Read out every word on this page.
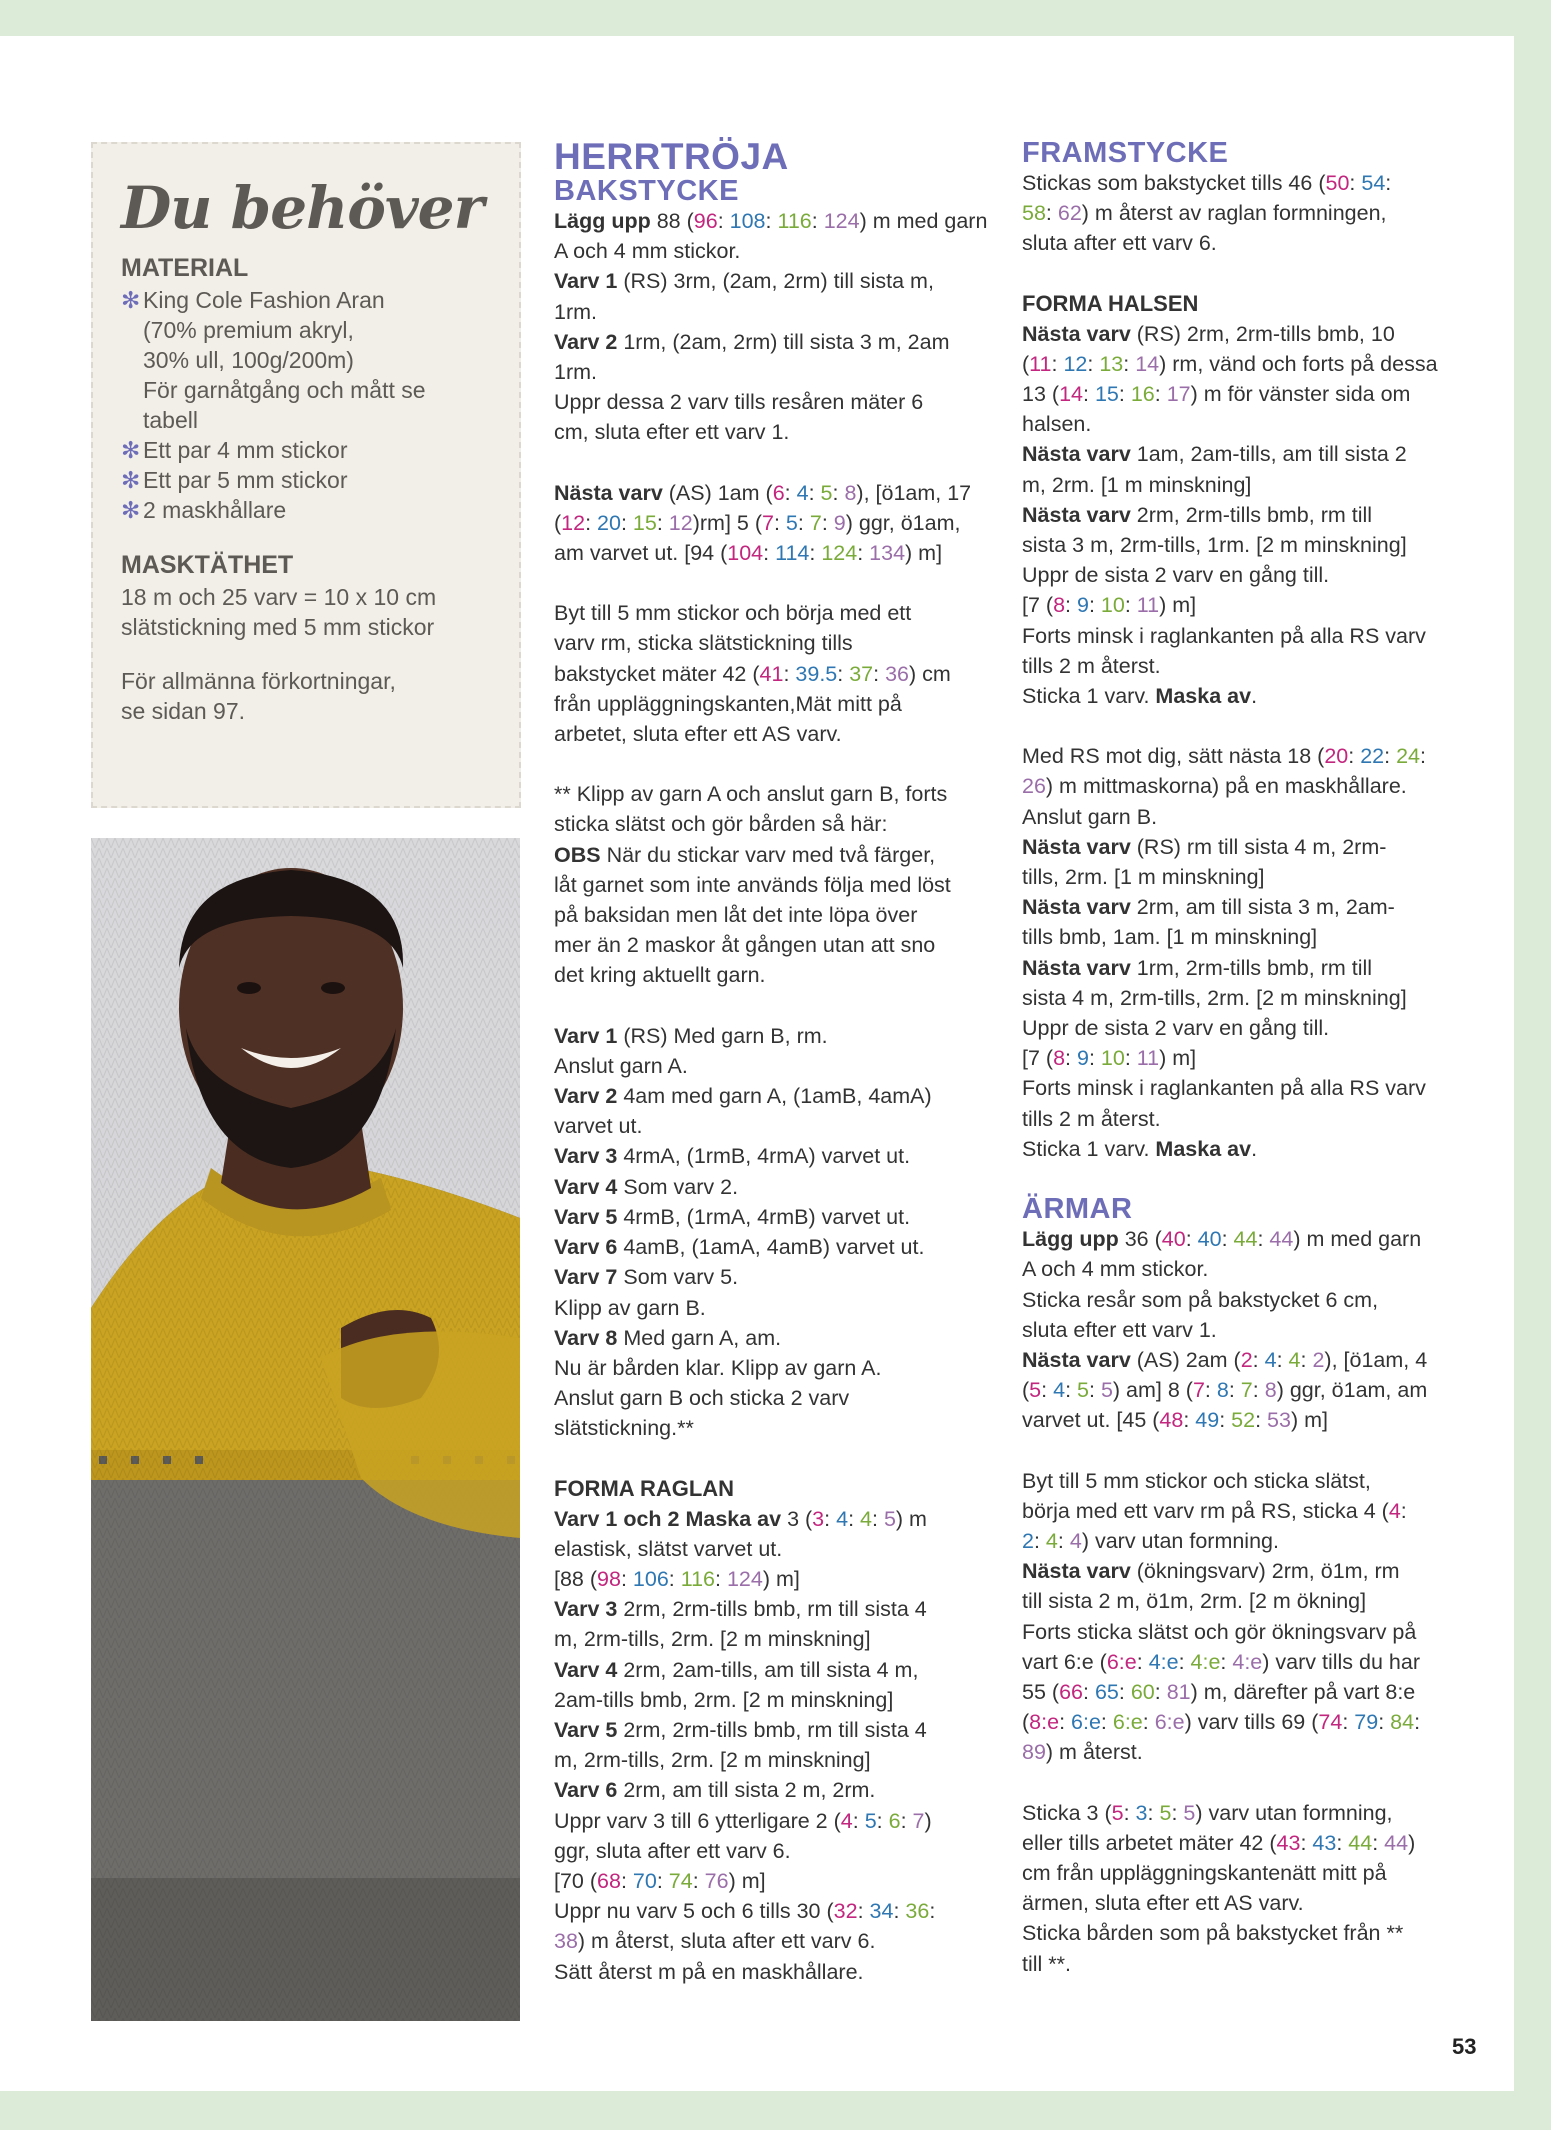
Du behöver
MATERIAL
✻ King Cole Fashion Aran
(70% premium akryl,
30% ull, 100g/200m)
För garnåtgång och mått se
tabell
✻ Ett par 4 mm stickor
✻ Ett par 5 mm stickor
✻ 2 maskhållare
MASKTÄTHET

18 m och 25 varv = 10 x 10 cm

slätstickning med 5 mm stickor

För allmänna förkortningar,

se sidan 97.

HERRTRÖJA

BAKSTYCKE

Lägg upp 88 (96: 108: 116: 124) m med garn

A och 4 mm stickor.

Varv 1 (RS) 3rm, (2am, 2rm) till sista m,

1rm.

Varv 2 1rm, (2am, 2rm) till sista 3 m, 2am

1rm.

Uppr dessa 2 varv tills resåren mäter 6

cm, sluta efter ett varv 1.

Nästa varv (AS) 1am (6: 4: 5: 8), [ö1am, 17

(12: 20: 15: 12)rm] 5 (7: 5: 7: 9) ggr, ö1am,

am varvet ut. [94 (104: 114: 124: 134) m]

Byt till 5 mm stickor och börja med ett

varv rm, sticka slätstickning tills

bakstycket mäter 42 (41: 39.5: 37: 36) cm

från uppläggningskanten,Mät mitt på

arbetet, sluta efter ett AS varv.

** Klipp av garn A och anslut garn B, forts

sticka slätst och gör bården så här:

OBS När du stickar varv med två färger,

låt garnet som inte används följa med löst

på baksidan men låt det inte löpa över

mer än 2 maskor åt gången utan att sno

det kring aktuellt garn.

Varv 1 (RS) Med garn B, rm.

Anslut garn A.

Varv 2 4am med garn A, (1amB, 4amA)

varvet ut.

Varv 3 4rmA, (1rmB, 4rmA) varvet ut.

Varv 4 Som varv 2.

Varv 5 4rmB, (1rmA, 4rmB) varvet ut.

Varv 6 4amB, (1amA, 4amB) varvet ut.

Varv 7 Som varv 5.

Klipp av garn B.

Varv 8 Med garn A, am.

Nu är bården klar. Klipp av garn A.

Anslut garn B och sticka 2 varv

slätstickning.**

FORMA RAGLAN

Varv 1 och 2 Maska av 3 (3: 4: 4: 5) m

elastisk, slätst varvet ut.

[88 (98: 106: 116: 124) m]

Varv 3 2rm, 2rm-tills bmb, rm till sista 4

m, 2rm-tills, 2rm. [2 m minskning]

Varv 4 2rm, 2am-tills, am till sista 4 m,

2am-tills bmb, 2rm. [2 m minskning]

Varv 5 2rm, 2rm-tills bmb, rm till sista 4

m, 2rm-tills, 2rm. [2 m minskning]

Varv 6 2rm, am till sista 2 m, 2rm.

Uppr varv 3 till 6 ytterligare 2 (4: 5: 6: 7)

ggr, sluta after ett varv 6.

[70 (68: 70: 74: 76) m]

Uppr nu varv 5 och 6 tills 30 (32: 34: 36:

38) m återst, sluta after ett varv 6.

Sätt återst m på en maskhållare.

FRAMSTYCKE

Stickas som bakstycket tills 46 (50: 54:

58: 62) m återst av raglan formningen,

sluta after ett varv 6.

FORMA HALSEN

Nästa varv (RS) 2rm, 2rm-tills bmb, 10

(11: 12: 13: 14) rm, vänd och forts på dessa

13 (14: 15: 16: 17) m för vänster sida om

halsen.

Nästa varv 1am, 2am-tills, am till sista 2

m, 2rm. [1 m minskning]

Nästa varv 2rm, 2rm-tills bmb, rm till

sista 3 m, 2rm-tills, 1rm. [2 m minskning]

Uppr de sista 2 varv en gång till.

[7 (8: 9: 10: 11) m]

Forts minsk i raglankanten på alla RS varv

tills 2 m återst.

Sticka 1 varv. Maska av.

Med RS mot dig, sätt nästa 18 (20: 22: 24:

26) m mittmaskorna) på en maskhållare.

Anslut garn B.

Nästa varv (RS) rm till sista 4 m, 2rm-

tills, 2rm. [1 m minskning]

Nästa varv 2rm, am till sista 3 m, 2am-

tills bmb, 1am. [1 m minskning]

Nästa varv 1rm, 2rm-tills bmb, rm till

sista 4 m, 2rm-tills, 2rm. [2 m minskning]

Uppr de sista 2 varv en gång till.

[7 (8: 9: 10: 11) m]

Forts minsk i raglankanten på alla RS varv

tills 2 m återst.

Sticka 1 varv. Maska av.

ÄRMAR

Lägg upp 36 (40: 40: 44: 44) m med garn

A och 4 mm stickor.

Sticka resår som på bakstycket 6 cm,

sluta efter ett varv 1.

Nästa varv (AS) 2am (2: 4: 4: 2), [ö1am, 4

(5: 4: 5: 5) am] 8 (7: 8: 7: 8) ggr, ö1am, am

varvet ut. [45 (48: 49: 52: 53) m]

Byt till 5 mm stickor och sticka slätst,

börja med ett varv rm på RS, sticka 4 (4:

2: 4: 4) varv utan formning.

Nästa varv (ökningsvarv) 2rm, ö1m, rm

till sista 2 m, ö1m, 2rm. [2 m ökning]

Forts sticka slätst och gör ökningsvarv på

vart 6:e (6:e: 4:e: 4:e: 4:e) varv tills du har

55 (66: 65: 60: 81) m, därefter på vart 8:e

(8:e: 6:e: 6:e: 6:e) varv tills 69 (74: 79: 84:

89) m återst.

Sticka 3 (5: 3: 5: 5) varv utan formning,

eller tills arbetet mäter 42 (43: 43: 44: 44)

cm från uppläggningskantenätt mitt på

ärmen, sluta efter ett AS varv.

Sticka bården som på bakstycket från **

till **.

53
